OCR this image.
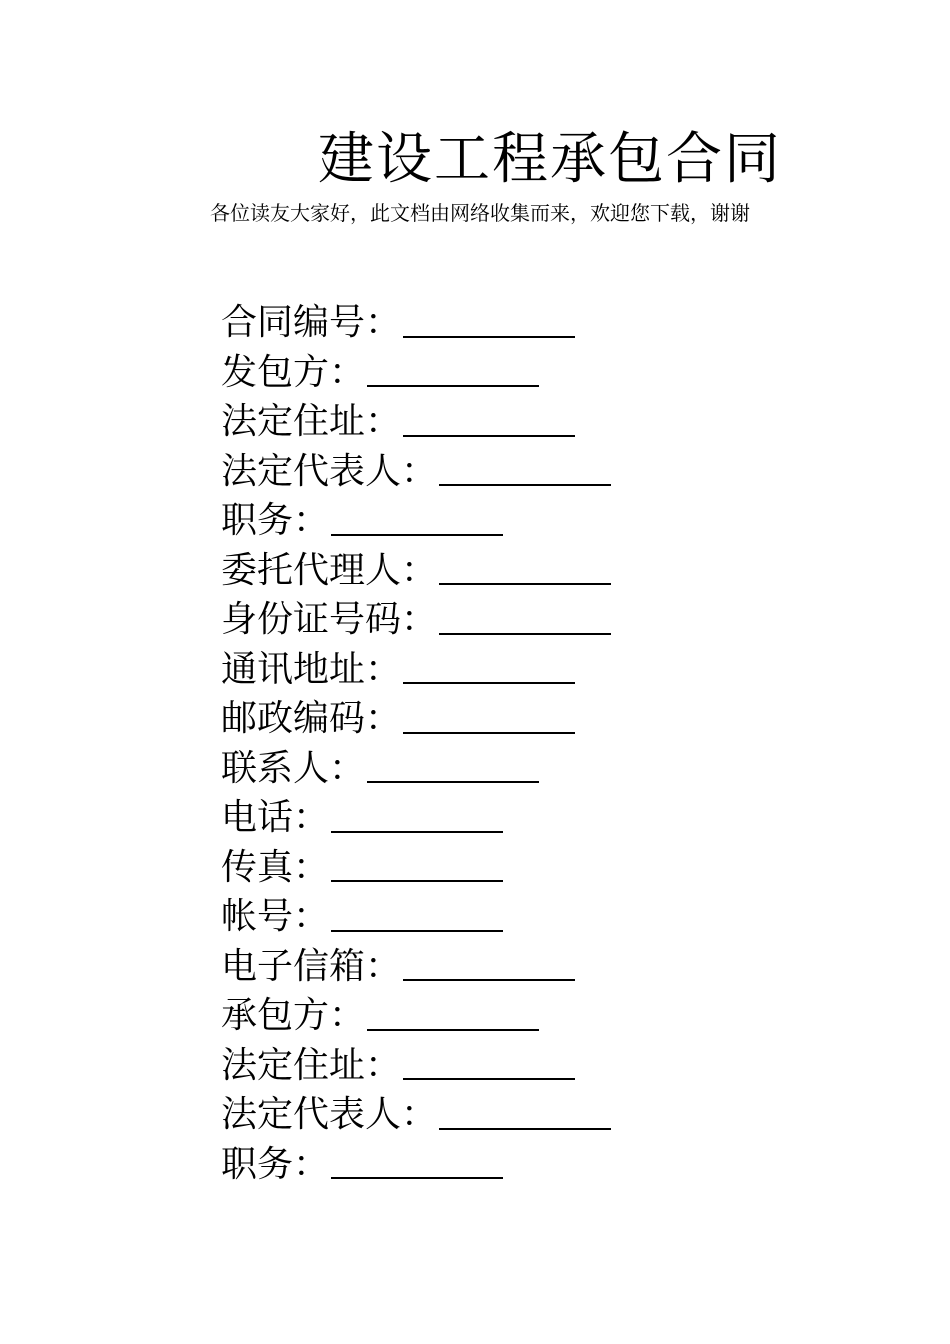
建设工程承包合同
各位读友大家好，此文档由网络收集而来，欢迎您下载，谢谢
合同编号：
发包方：
法定住址：
法定代表人：
职务：
委托代理人：
身份证号码：
通讯地址：
邮政编码：
联系人：
电话：
传真：
帐号：
电子信箱：
承包方：
法定住址：
法定代表人：
职务：
